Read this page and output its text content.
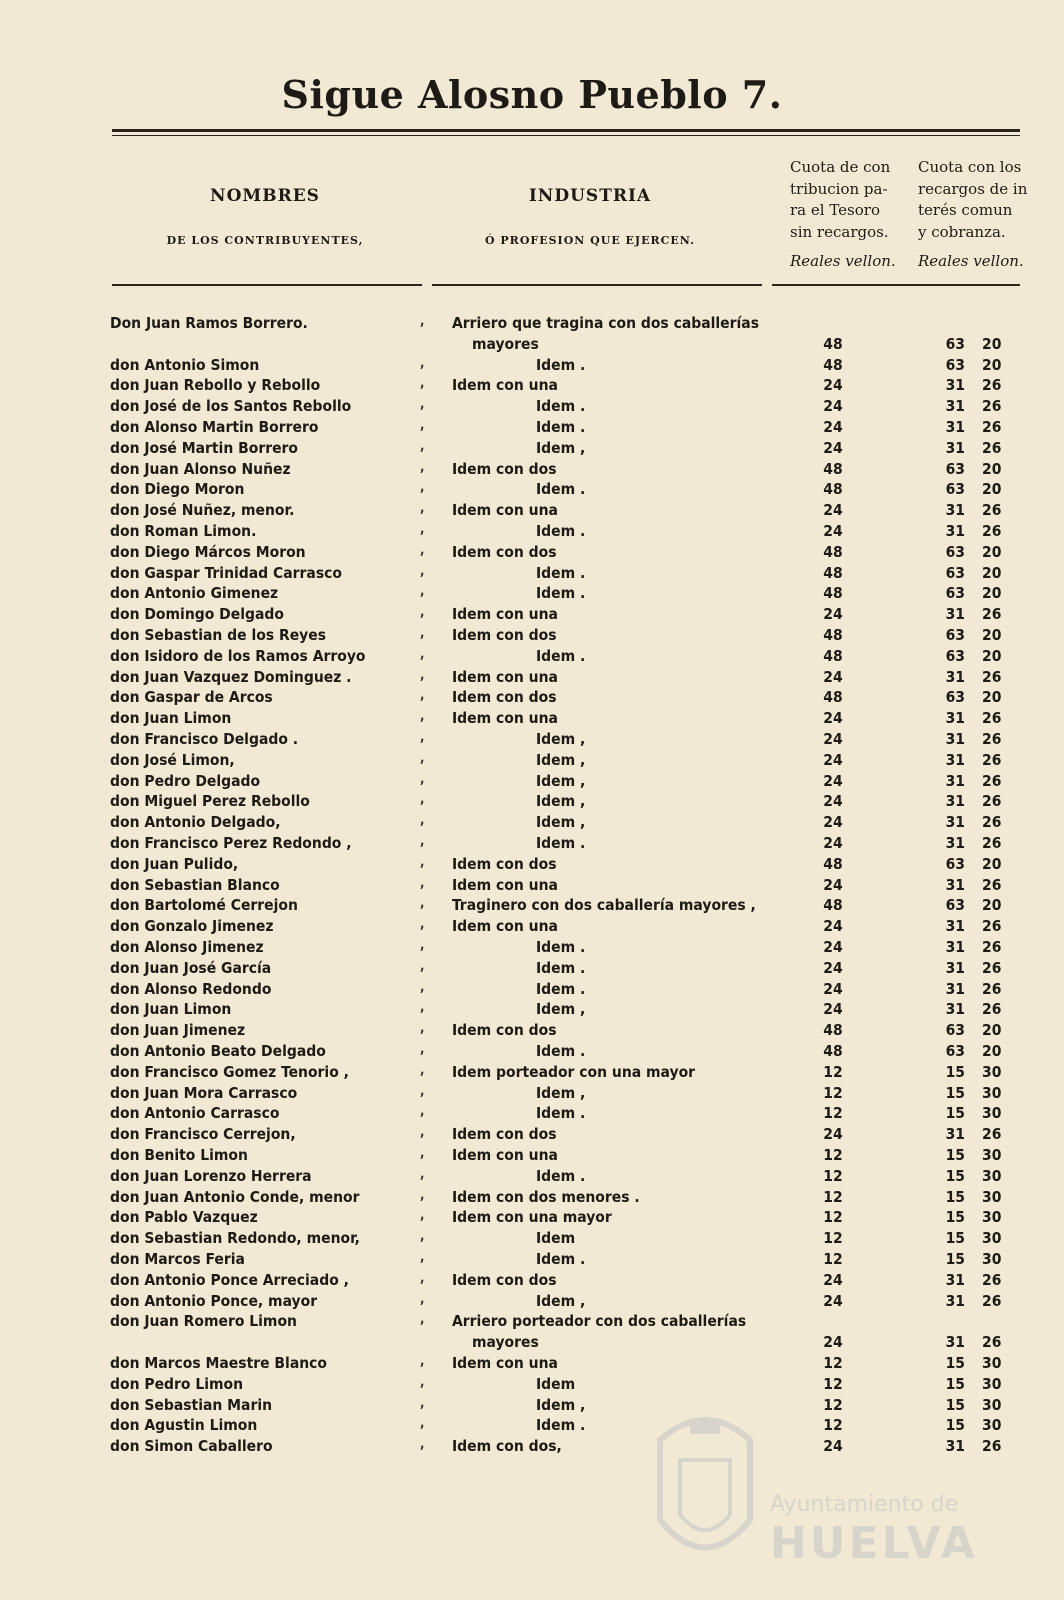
Sigue Alosno Pueblo 7.
NOMBRES
DE LOS CONTRIBUYENTES,
INDUSTRIA
Ó PROFESION QUE EJERCEN.
Cuota de con
tribucion pa-
ra el Tesoro
sin recargos.
Cuota con los
recargos de in
terés comun
y cobranza.
Reales vellon. Reales vellon.
Don Juan Ramos Borrero.	, Arriero que tragina con dos caballerías
mayores	48	63 20
don Antonio Simon	,	Idem .	48	63 20
don Juan Rebollo y Rebollo	, Idem con una	24	31 26
don José de los Santos Rebollo	,	Idem .	24	31 26
don Alonso Martin Borrero	,	Idem .	24	31 26
don José Martin Borrero	,	Idem ,	24	31 26
don Juan Alonso Nuñez	, Idem con dos	48	63 20
don Diego Moron	,	Idem .	48	63 20
don José Nuñez, menor.	, Idem con una	24	31 26
don Roman Limon.	,	Idem .	24	31 26
don Diego Márcos Moron	, Idem con dos	48	63 20
don Gaspar Trinidad Carrasco	,	Idem .	48	63 20
don Antonio Gimenez	,	Idem .	48	63 20
don Domingo Delgado	, Idem con una	24	31 26
don Sebastian de los Reyes	, Idem con dos	48	63 20
don Isidoro de los Ramos Arroyo	,	Idem .	48	63 20
don Juan Vazquez Dominguez .	, Idem con una	24	31 26
don Gaspar de Arcos	, Idem con dos	48	63 20
don Juan Limon	, Idem con una	24	31 26
don Francisco Delgado .	,	Idem ,	24	31 26
don José Limon,	,	Idem ,	24	31 26
don Pedro Delgado	,	Idem ,	24	31 26
don Miguel Perez Rebollo	,	Idem ,	24	31 26
don Antonio Delgado,	,	Idem ,	24	31 26
don Francisco Perez Redondo ,	,	Idem .	24	31 26
don Juan Pulido,	, Idem con dos	48	63 20
don Sebastian Blanco	, Idem con una	24	31 26
don Bartolomé Cerrejon	, Traginero con dos caballería mayores ,	48	63 20
don Gonzalo Jimenez	, Idem con una	24	31 26
don Alonso Jimenez	,	Idem .	24	31 26
don Juan José García	,	Idem .	24	31 26
don Alonso Redondo	,	Idem .	24	31 26
don Juan Limon	,	Idem ,	24	31 26
don Juan Jimenez	, Idem con dos	48	63 20
don Antonio Beato Delgado	,	Idem .	48	63 20
don Francisco Gomez Tenorio ,	, Idem porteador con una mayor	12	15 30
don Juan Mora Carrasco	,	Idem ,	12	15 30
don Antonio Carrasco	,	Idem .	12	15 30
don Francisco Cerrejon,	, Idem con dos	24	31 26
don Benito Limon	, Idem con una	12	15 30
don Juan Lorenzo Herrera	,	Idem .	12	15 30
don Juan Antonio Conde, menor	, Idem con dos menores .	12	15 30
don Pablo Vazquez	, Idem con una mayor	12	15 30
don Sebastian Redondo, menor,	,	Idem	12	15 30
don Marcos Feria	,	Idem .	12	15 30
don Antonio Ponce Arreciado ,	, Idem con dos	24	31 26
don Antonio Ponce, mayor	,	Idem ,	24	31 26
don Juan Romero Limon	, Arriero porteador con dos caballerías
mayores	24	31 26
don Marcos Maestre Blanco	, Idem con una	12	15 30
don Pedro Limon	,	Idem	12	15 30
don Sebastian Marin	,	Idem ,	12	15 30
don Agustin Limon	,	Idem .	12	15 30
don Simon Caballero	, Idem con dos,	24	31 26
Ayuntamiento de
HUELVA
